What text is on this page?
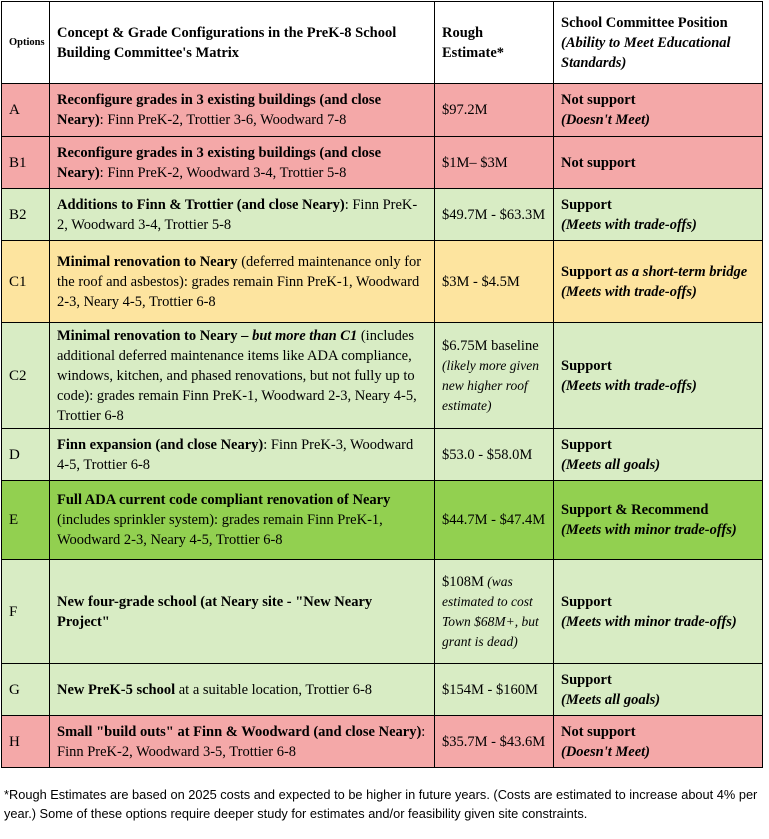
Options	Concept & Grade Configurations in the PreK-8 School Building Committee's Matrix	Rough Estimate*	School Committee Position
(Ability to Meet Educational Standards)

A	Reconfigure grades in 3 existing buildings (and close Neary): Finn PreK-2, Trottier 3-6, Woodward 7-8	$97.2M	Not support
(Doesn't Meet)

B1	Reconfigure grades in 3 existing buildings (and close Neary): Finn PreK-2, Woodward 3-4, Trottier 5-8	$1M– $3M	Not support

B2	Additions to Finn & Trottier (and close Neary): Finn PreK-2, Woodward 3-4, Trottier 5-8	$49.7M - $63.3M	Support
(Meets with trade-offs)

C1	Minimal renovation to Neary (deferred maintenance only for the roof and asbestos): grades remain Finn PreK-1, Woodward 2-3, Neary 4-5, Trottier 6-8	$3M - $4.5M	Support as a short-term bridge
(Meets with trade-offs)

C2	Minimal renovation to Neary – but more than C1 (includes additional deferred maintenance items like ADA compliance, windows, kitchen, and phased renovations, but not fully up to code): grades remain Finn PreK-1, Woodward 2-3, Neary 4-5, Trottier 6-8	$6.75M baseline (likely more given new higher roof estimate)	Support
(Meets with trade-offs)

D	Finn expansion (and close Neary): Finn PreK-3, Woodward 4-5, Trottier 6-8	$53.0 - $58.0M	Support
(Meets all goals)

E	Full ADA current code compliant renovation of Neary (includes sprinkler system): grades remain Finn PreK-1, Woodward 2-3, Neary 4-5, Trottier 6-8	$44.7M - $47.4M	Support & Recommend
(Meets with minor trade-offs)

F	New four-grade school (at Neary site - "New Neary Project"	$108M (was estimated to cost Town $68M+, but grant is dead)	Support
(Meets with minor trade-offs)

G	New PreK-5 school at a suitable location, Trottier 6-8	$154M - $160M	Support
(Meets all goals)

H	Small "build outs" at Finn & Woodward (and close Neary): Finn PreK-2, Woodward 3-5, Trottier 6-8	$35.7M - $43.6M	Not support
(Doesn't Meet)
*Rough Estimates are based on 2025 costs and expected to be higher in future years. (Costs are estimated to increase about 4% per year.) Some of these options require deeper study for estimates and/or feasibility given site constraints.
